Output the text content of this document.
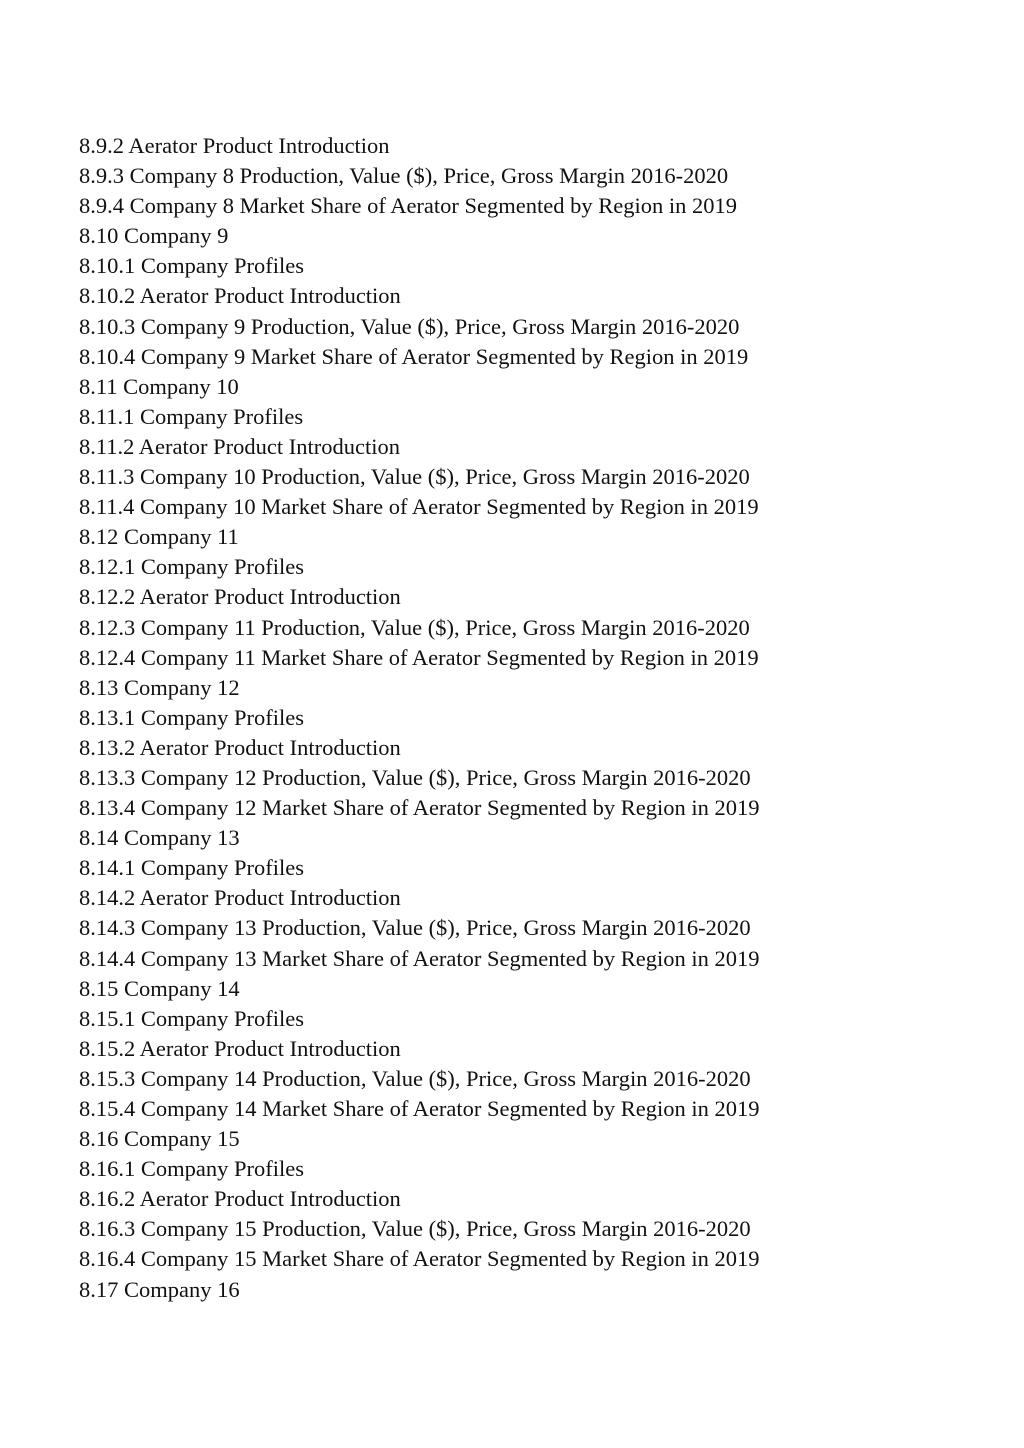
8.9.2 Aerator Product Introduction
8.9.3 Company 8 Production, Value ($), Price, Gross Margin 2016-2020
8.9.4 Company 8 Market Share of Aerator Segmented by Region in 2019
8.10 Company 9
8.10.1 Company Profiles
8.10.2 Aerator Product Introduction
8.10.3 Company 9 Production, Value ($), Price, Gross Margin 2016-2020
8.10.4 Company 9 Market Share of Aerator Segmented by Region in 2019
8.11 Company 10
8.11.1 Company Profiles
8.11.2 Aerator Product Introduction
8.11.3 Company 10 Production, Value ($), Price, Gross Margin 2016-2020
8.11.4 Company 10 Market Share of Aerator Segmented by Region in 2019
8.12 Company 11
8.12.1 Company Profiles
8.12.2 Aerator Product Introduction
8.12.3 Company 11 Production, Value ($), Price, Gross Margin 2016-2020
8.12.4 Company 11 Market Share of Aerator Segmented by Region in 2019
8.13 Company 12
8.13.1 Company Profiles
8.13.2 Aerator Product Introduction
8.13.3 Company 12 Production, Value ($), Price, Gross Margin 2016-2020
8.13.4 Company 12 Market Share of Aerator Segmented by Region in 2019
8.14 Company 13
8.14.1 Company Profiles
8.14.2 Aerator Product Introduction
8.14.3 Company 13 Production, Value ($), Price, Gross Margin 2016-2020
8.14.4 Company 13 Market Share of Aerator Segmented by Region in 2019
8.15 Company 14
8.15.1 Company Profiles
8.15.2 Aerator Product Introduction
8.15.3 Company 14 Production, Value ($), Price, Gross Margin 2016-2020
8.15.4 Company 14 Market Share of Aerator Segmented by Region in 2019
8.16 Company 15
8.16.1 Company Profiles
8.16.2 Aerator Product Introduction
8.16.3 Company 15 Production, Value ($), Price, Gross Margin 2016-2020
8.16.4 Company 15 Market Share of Aerator Segmented by Region in 2019
8.17 Company 16
